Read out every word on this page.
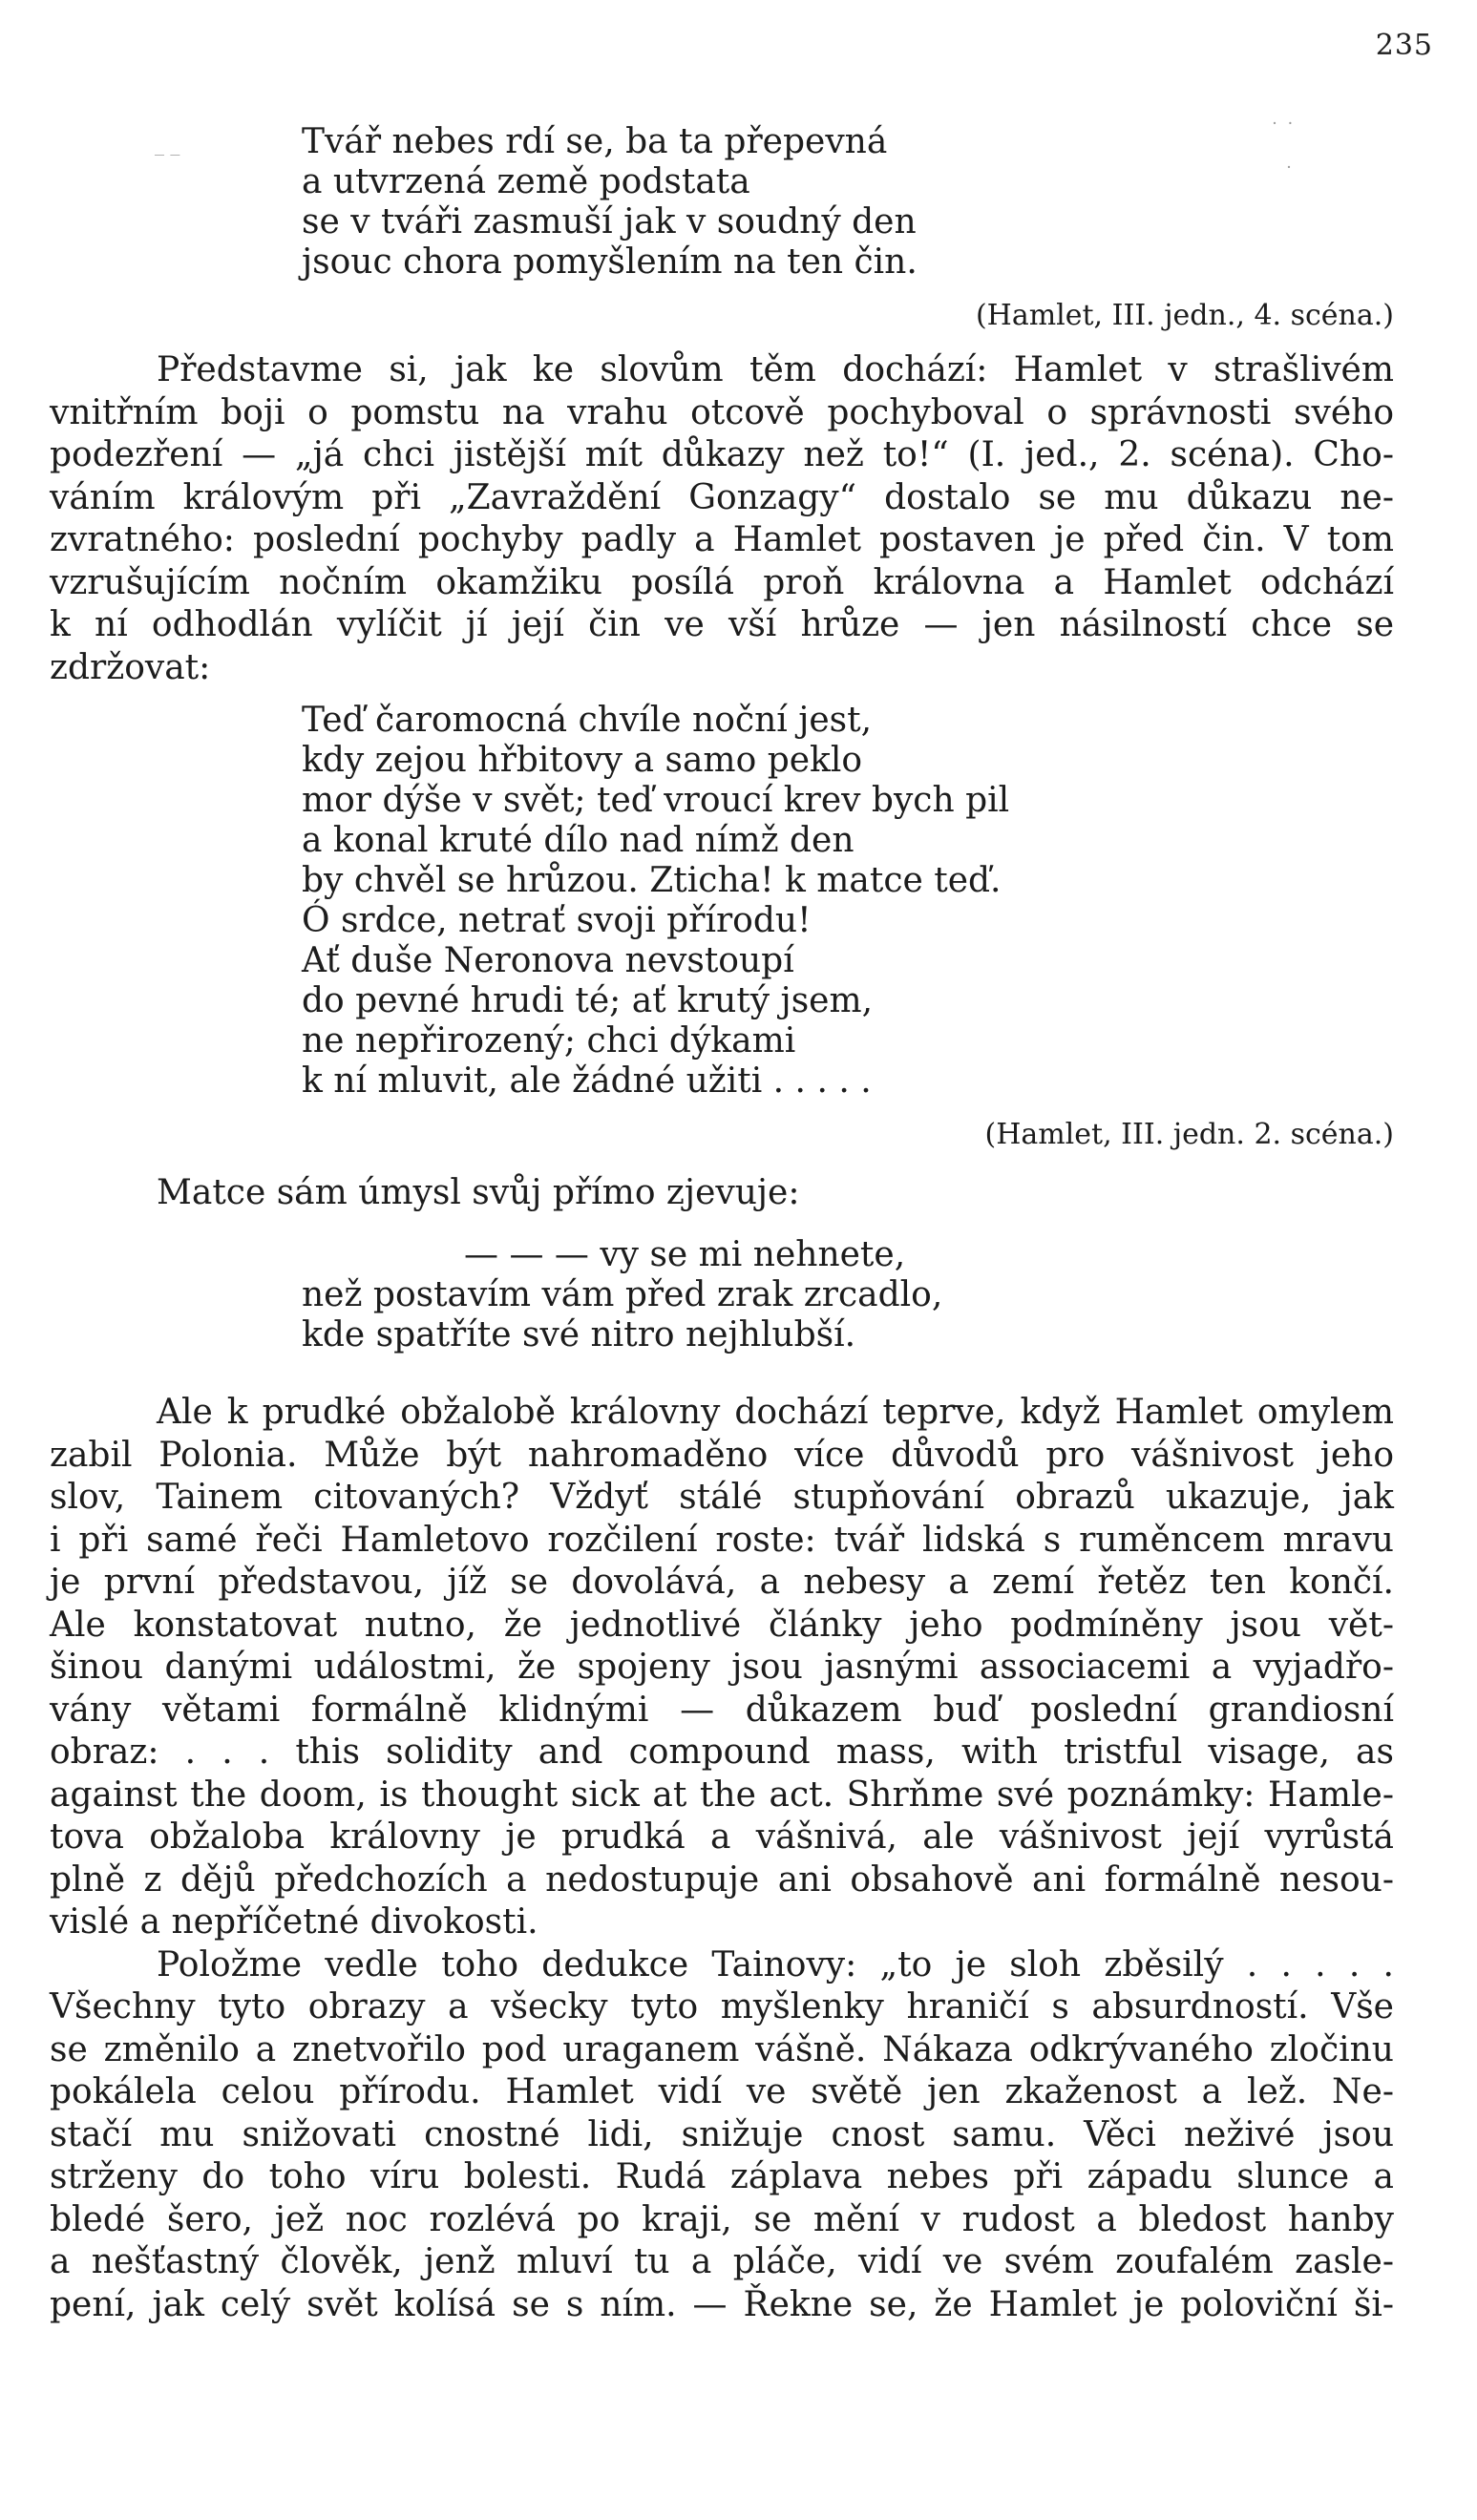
235
‾ ‾
˙ ˙
˙
Tvář nebes rdí se, ba ta přepevná
a utvrzená země podstata
se v tváři zasmuší jak v soudný den
jsouc chora pomyšlením na ten čin.
(Hamlet, III. jedn., 4. scéna.)
Představme si, jak ke slovům těm dochází: Hamlet v strašlivém
vnitřním boji o pomstu na vrahu otcově pochyboval o správnosti svého
podezření — „já chci jistější mít důkazy než to!“ (I. jed., 2. scéna). Cho-
váním královým při „Zavraždění Gonzagy“ dostalo se mu důkazu ne-
zvratného: poslední pochyby padly a Hamlet postaven je před čin. V tom
vzrušujícím nočním okamžiku posílá proň královna a Hamlet odchází
k ní odhodlán vylíčit jí její čin ve vší hrůze — jen násilností chce se
zdržovat:
Teď čaromocná chvíle noční jest,
kdy zejou hřbitovy a samo peklo
mor dýše v svět; teď vroucí krev bych pil
a konal kruté dílo nad nímž den
by chvěl se hrůzou. Zticha! k matce teď.
Ó srdce, netrať svoji přírodu!
Ať duše Neronova nevstoupí
do pevné hrudi té; ať krutý jsem,
ne nepřirozený; chci dýkami
k ní mluvit, ale žádné užiti . . . . .
(Hamlet, III. jedn. 2. scéna.)
Matce sám úmysl svůj přímo zjevuje:
— — — vy se mi nehnete,
než postavím vám před zrak zrcadlo,
kde spatříte své nitro nejhlubší.
Ale k prudké obžalobě královny dochází teprve, když Hamlet omylem
zabil Polonia. Může být nahromaděno více důvodů pro vášnivost jeho
slov, Tainem citovaných? Vždyť stálé stupňování obrazů ukazuje, jak
i při samé řeči Hamletovo rozčilení roste: tvář lidská s ruměncem mravu
je první představou, jíž se dovolává, a nebesy a zemí řetěz ten končí.
Ale konstatovat nutno, že jednotlivé články jeho podmíněny jsou vět-
šinou danými událostmi, že spojeny jsou jasnými associacemi a vyjadřo-
vány větami formálně klidnými — důkazem buď poslední grandiosní
obraz: . . . this solidity and compound mass, with tristful visage, as
against the doom, is thought sick at the act. Shrňme své poznámky: Hamle-
tova obžaloba královny je prudká a vášnivá, ale vášnivost její vyrůstá
plně z dějů předchozích a nedostupuje ani obsahově ani formálně nesou-
vislé a nepříčetné divokosti.
Položme vedle toho dedukce Tainovy: „to je sloh zběsilý . . . . .
Všechny tyto obrazy a všecky tyto myšlenky hraničí s absurdností. Vše
se změnilo a znetvořilo pod uraganem vášně. Nákaza odkrývaného zločinu
pokálela celou přírodu. Hamlet vidí ve světě jen zkaženost a lež. Ne-
stačí mu snižovati cnostné lidi, snižuje cnost samu. Věci neživé jsou
strženy do toho víru bolesti. Rudá záplava nebes při západu slunce a
bledé šero, jež noc rozlévá po kraji, se mění v rudost a bledost hanby
a nešťastný člověk, jenž mluví tu a pláče, vidí ve svém zoufalém zasle-
pení, jak celý svět kolísá se s ním. — Řekne se, že Hamlet je poloviční ši-
